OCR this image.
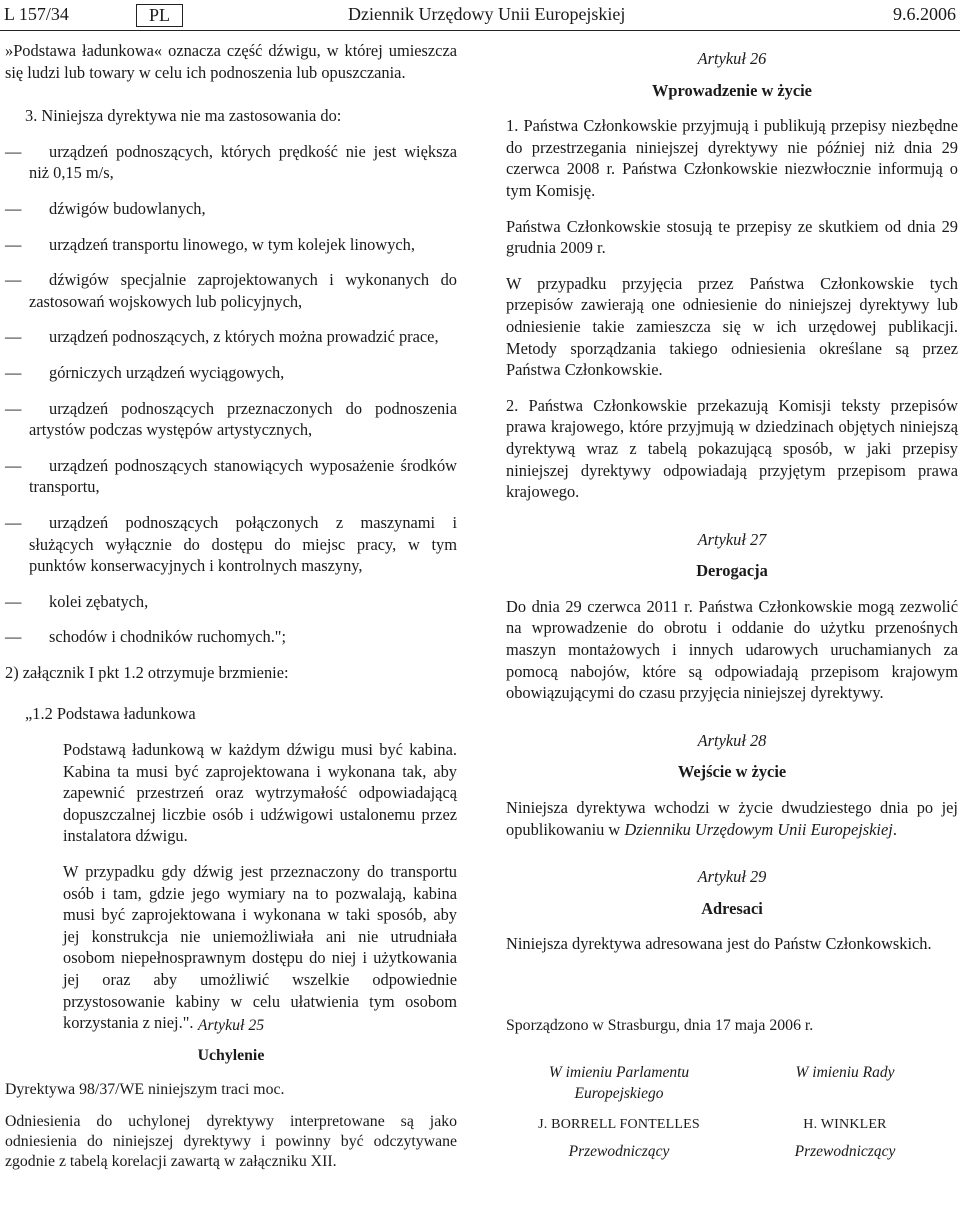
L 157/34	PL	Dziennik Urzędowy Unii Europejskiej	9.6.2006

»Podstawa ładunkowa« oznacza część dźwigu, w której umieszcza się ludzi lub towary w celu ich podnoszenia lub opuszczania.

3. Niniejsza dyrektywa nie ma zastosowania do:

— urządzeń podnoszących, których prędkość nie jest większa niż 0,15 m/s,
— dźwigów budowlanych,
— urządzeń transportu linowego, w tym kolejek linowych,
— dźwigów specjalnie zaprojektowanych i wykonanych do zastosowań wojskowych lub policyjnych,
— urządzeń podnoszących, z których można prowadzić prace,
— górniczych urządzeń wyciągowych,
— urządzeń podnoszących przeznaczonych do podnoszenia artystów podczas występów artystycznych,
— urządzeń podnoszących stanowiących wyposażenie środków transportu,
— urządzeń podnoszących połączonych z maszynami i służących wyłącznie do dostępu do miejsc pracy, w tym punktów konserwacyjnych i kontrolnych maszyny,
— kolei zębatych,
— schodów i chodników ruchomych.";

2) załącznik I pkt 1.2 otrzymuje brzmienie:

„1.2 Podstawa ładunkowa

Podstawą ładunkową w każdym dźwigu musi być kabina. Kabina ta musi być zaprojektowana i wykonana tak, aby zapewnić przestrzeń oraz wytrzymałość odpowiadającą dopuszczalnej liczbie osób i udźwigowi ustalonemu przez instalatora dźwigu.

W przypadku gdy dźwig jest przeznaczony do transportu osób i tam, gdzie jego wymiary na to pozwalają, kabina musi być zaprojektowana i wykonana w taki sposób, aby jej konstrukcja nie uniemożliwiała ani nie utrudniała osobom niepełnosprawnym dostępu do niej i użytkowania jej oraz aby umożliwić wszelkie odpowiednie przystosowanie kabiny w celu ułatwienia tym osobom korzystania z niej.". Artykuł 25
Uchylenie

Dyrektywa 98/37/WE niniejszym traci moc.

Odniesienia do uchylonej dyrektywy interpretowane są jako odniesienia do niniejszej dyrektywy i powinny być odczytywane zgodnie z tabelą korelacji zawartą w załączniku XII.

Artykuł 26
Wprowadzenie w życie

1. Państwa Członkowskie przyjmują i publikują przepisy niezbędne do przestrzegania niniejszej dyrektywy nie później niż dnia 29 czerwca 2008 r. Państwa Członkowskie niezwłocznie informują o tym Komisję.

Państwa Członkowskie stosują te przepisy ze skutkiem od dnia 29 grudnia 2009 r.

W przypadku przyjęcia przez Państwa Członkowskie tych przepisów zawierają one odniesienie do niniejszej dyrektywy lub odniesienie takie zamieszcza się w ich urzędowej publikacji. Metody sporządzania takiego odniesienia określane są przez Państwa Członkowskie.

2. Państwa Członkowskie przekazują Komisji teksty przepisów prawa krajowego, które przyjmują w dziedzinach objętych niniejszą dyrektywą wraz z tabelą pokazującą sposób, w jaki przepisy niniejszej dyrektywy odpowiadają przyjętym przepisom prawa krajowego.

Artykuł 27
Derogacja

Do dnia 29 czerwca 2011 r. Państwa Członkowskie mogą zezwolić na wprowadzenie do obrotu i oddanie do użytku przenośnych maszyn montażowych i innych udarowych uruchamianych za pomocą nabojów, które są odpowiadają przepisom krajowym obowiązującymi do czasu przyjęcia niniejszej dyrektywy.

Artykuł 28
Wejście w życie

Niniejsza dyrektywa wchodzi w życie dwudziestego dnia po jej opublikowaniu w Dzienniku Urzędowym Unii Europejskiej.

Artykuł 29
Adresaci

Niniejsza dyrektywa adresowana jest do Państw Członkowskich.

Sporządzono w Strasburgu, dnia 17 maja 2006 r.

W imieniu Parlamentu Europejskiego
J. BORRELL FONTELLES
Przewodniczący
W imieniu Rady
H. WINKLER
Przewodniczący
